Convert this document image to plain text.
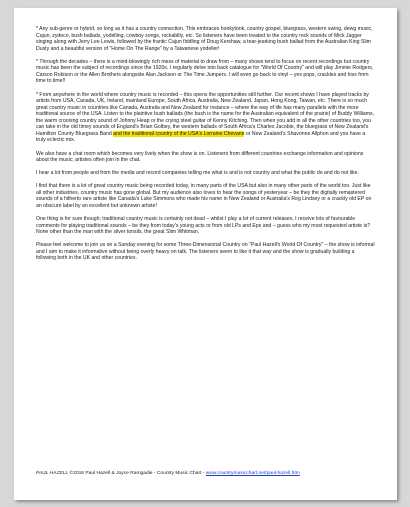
* Any sub-genre or hybrid, so long as it has a country connection. This embraces honkytonk, country gospel, bluegrass, western swing, dewg music, Cajun, zydeco, bush ballads, yodelling, cowboy songs, rockabilly, etc. So listeners have been treated to the country rock sounds of Mick Jagger singing along with Jerry Lee Lewis, followed by the frantic Cajun fiddling of Doug Kershaw, a tear-jearking bush ballad from the Australian King Slim Dusty and a beautiful version of "Home On The Range" by a Taiwanese yodeller!

* Through the decades – there is a mind-blowingly rich mess of material to draw from – many shows tend to focus on recent recordings but country music has been the subject of recordings since the 1920s. I regularly delve into back catalogue for "World Of Country" and will play Jimmie Rodgers, Carson Robison or the Allen Brothers alongside Alan Jackson or The Time Jumpers. I will even go back to vinyl – yes pops, crackles and hiss from time to time!!

* From anywhere in the world where country music is recorded – this opens the opportunities still further. Our recent shows I have played tracks by artists from USA, Canada, UK, Ireland, mainland Europe, South Africa, Australia, New Zealand, Japan, Hong Kong, Taiwan, etc. There is so much great country music in countries like Canada, Australia and New Zealand for instance – where the way of life has many parallels with the more traditional source of the USA. Listen to the plaintive bush ballads (the bush is the name for the Australian equivalent of the prairie) of Buddy Williams, the warm crooning country sound of Johnny Heap or the crying steel guitar of Kenny Kitching. Then when you add in all the other countries too, you can take in the old timey sounds of England's Brian Golbey, the western ballads of South Africa's Charles Jacobie, the bluegrass of New Zealand's Hamilton County Bluegrass Band and the traditional country of the USA's Lorraine Chevane or New Zealand's Shavonne Allphon and you have a truly eclectic mix.

We also have a chat room which becomes very lively when the show is on. Listeners from different countries exchange information and opinions about the music; artistes often join in the chat.

I hear a lot from people and from the media and record companies telling me what is and is not country and what the public do and do not like.

I find that there is a lot of great country music being recorded today, in many parts of the USA but also in many other parts of the world too. Just like all other industries, country music has gone global. But my audience also loves to hear the songs of yesteryear – be they the digitally remastered sounds of a hitherto rare artiste like Canada's Luke Simmons who made his name in New Zealand or Australia's Reg Lindsey or a crackly old EP on an obscure label by an excellent but unknown artiste!

One thing is for sure though; traditional country music is certainly not dead – whilst I play a lot of current releases, I receive lots of favourable comments for playing traditional sounds – be they from today's young acts or from old LPs and Eps and – guess who my most requested artiste is? None other than the man with the silver tonsils, the great Slim Whitman.

Please feel welcome to join us on a Sunday evening for some Three-Dimensional Country on "Paul Hazell's World Of Country" – the show is informal and I aim to make it informative without being overly heavy on talk. The listeners seem to like it that way and the show is gradually building a following both in the UK and other countries.

PAUL HAZELL ©2016 Paul Hazell & Joyce Ramgadie - Country Music Chart - www.countrymusicchart.net/paul-hazell.htm
